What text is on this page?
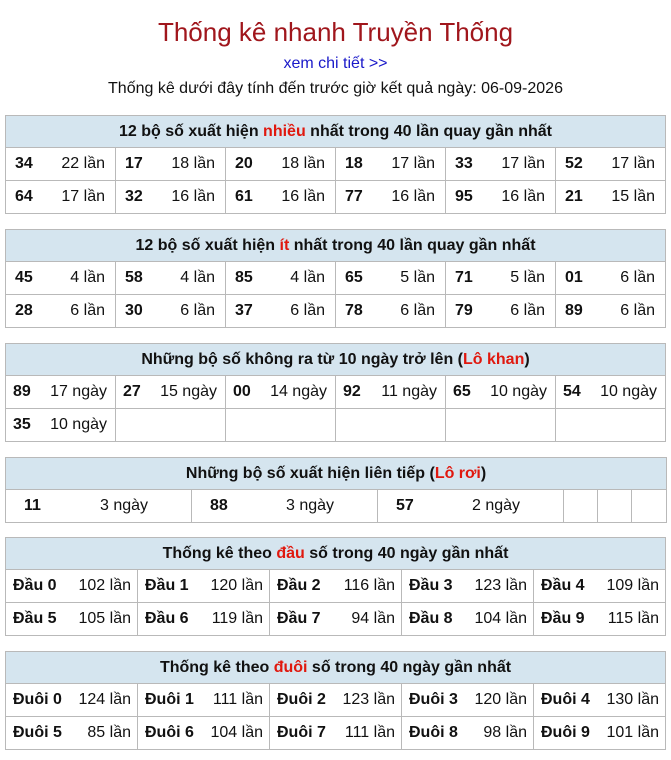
Thống kê nhanh Truyền Thống
xem chi tiết >>
Thống kê dưới đây tính đến trước giờ kết quả ngày: 06-09-2026
12 bộ số xuất hiện nhiều nhất trong 40 lần quay gần nhất					

34 22 lần	17 18 lần	20 18 lần	18 17 lần	33 17 lần	52 17 lần

64 17 lần	32 16 lần	61 16 lần	77 16 lần	95 16 lần	21 15 lần
12 bộ số xuất hiện ít nhất trong 40 lần quay gần nhất					

45 4 lần	58 4 lần	85 4 lần	65 5 lần	71 5 lần	01 6 lần

28 6 lần	30 6 lần	37 6 lần	78 6 lần	79 6 lần	89 6 lần
Những bộ số không ra từ 10 ngày trở lên (Lô khan)					

89 17 ngày	27 15 ngày	00 14 ngày	92 11 ngày	65 10 ngày	54 10 ngày

35 10 ngày					

Những bộ số xuất hiện liên tiếp (Lô rơi)

11	3 ngày	88	3 ngày	57	2 ngày

Thống kê theo đầu số trong 40 ngày gần nhất				

Đầu 0 102 lần	Đầu 1 120 lần	Đầu 2 116 lần	Đầu 3 123 lần	Đầu 4 109 lần

Đầu 5 105 lần	Đầu 6 119 lần	Đầu 7 94 lần	Đầu 8 104 lần	Đầu 9 115 lần
Thống kê theo đuôi số trong 40 ngày gần nhất				

Đuôi 0 124 lần	Đuôi 1 111 lần	Đuôi 2 123 lần	Đuôi 3 120 lần	Đuôi 4 130 lần

Đuôi 5 85 lần	Đuôi 6 104 lần	Đuôi 7 111 lần	Đuôi 8 98 lần	Đuôi 9 101 lần
